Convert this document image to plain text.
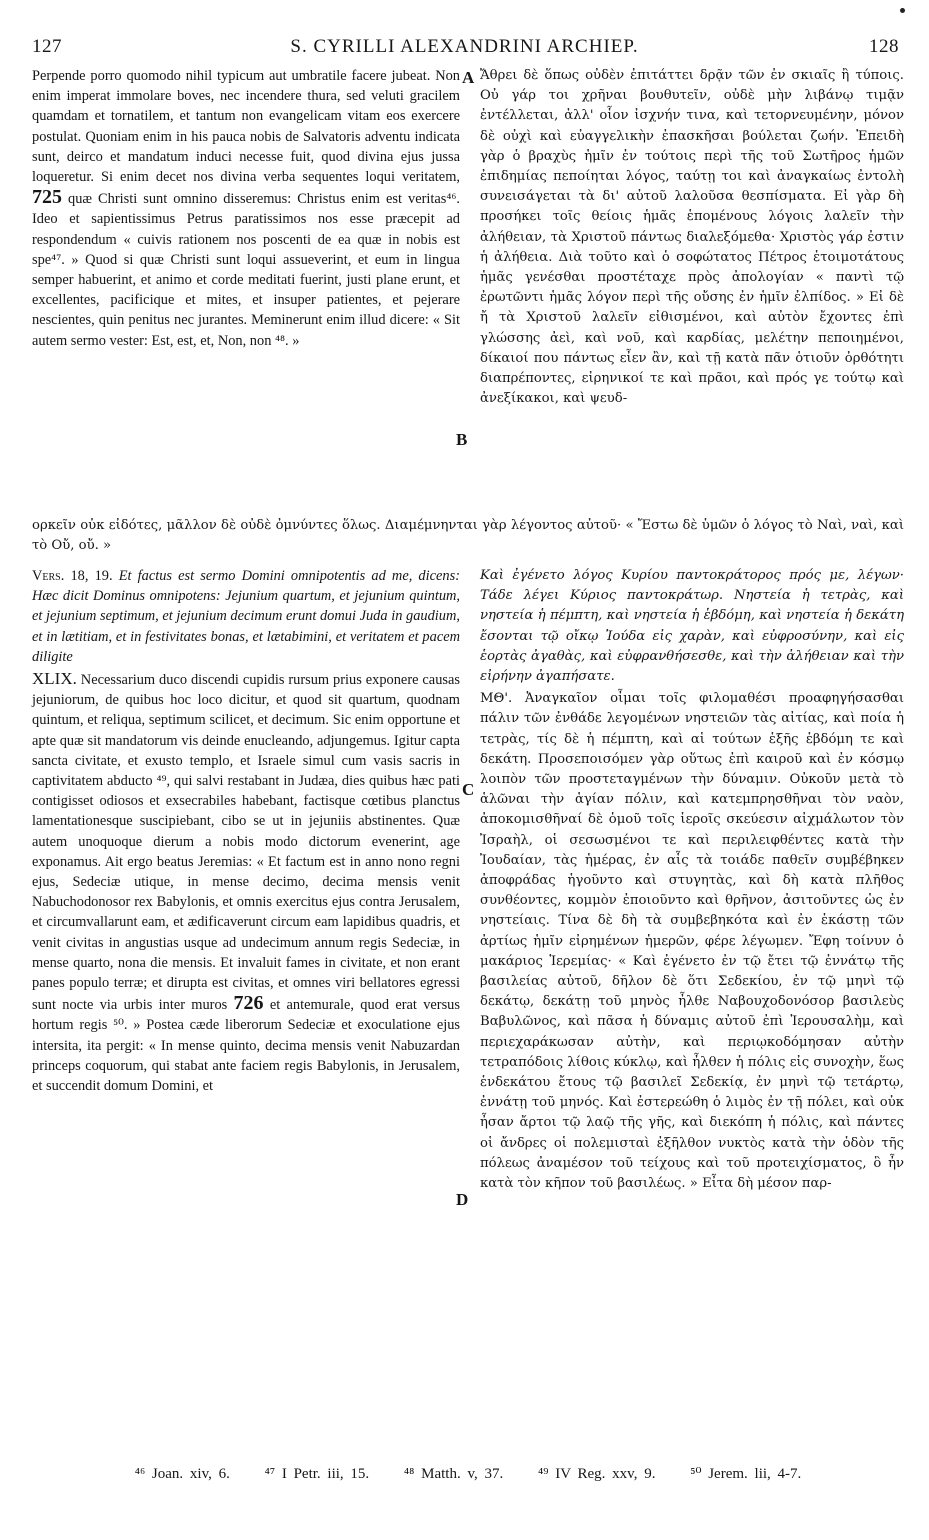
127	S. CYRILLI ALEXANDRINI ARCHIEP.	128

Perpende porro quomodo nihil typicum aut umbratile facere jubeat. Non enim imperat immolare boves, nec incendere thura, sed veluti gracilem quamdam et tornatilem, et tantum non evangelicam vitam eos exercere postulat. Quoniam enim in his pauca nobis de Salvatoris adventu indicata sunt, deirco et mandatum induci necesse fuit, quod divina ejus jussa loqueretur. Si enim decet nos divina verba sequentes loqui veritatem, 725 quæ Christi sunt omnino disseremus: Christus enim est veritas⁴⁶. Ideo et sapientissimus Petrus paratissimos nos esse præcepit ad respondendum « cuivis rationem nos poscenti de ea quæ in nobis est spe⁴⁷. » Quod si quæ Christi sunt loqui assueverint, et eum in lingua semper habuerint, et animo et corde meditati fuerint, justi plane erunt, et excellentes, pacificique et mites, et insuper patientes, et pejerare nescientes, quin penitus nec jurantes. Meminerunt enim illud dicere: « Sit autem sermo vester: Est, est, et, Non, non ⁴⁸. »

Ἄθρει δὲ ὅπως οὐδὲν ἐπιτάττει δρᾷν τῶν ἐν σκιαῖς ἢ τύποις. Οὐ γάρ τοι χρῆναι βουθυτεῖν, οὐδὲ μὴν λιβάνῳ τιμᾷν ἐντέλλεται, ἀλλ' οἷον ἰσχνήν τινα, καὶ τετορνευμένην, μόνον δὲ οὐχὶ καὶ εὐαγγελικὴν ἐπασκῆσαι βούλεται ζωήν. Ἐπειδὴ γὰρ ὁ βραχὺς ἡμῖν ἐν τούτοις περὶ τῆς τοῦ Σωτῆρος ἡμῶν ἐπιδημίας πεποίηται λόγος, ταύτῃ τοι καὶ ἀναγκαίως ἐντολὴ συνεισάγεται τὰ δι' αὐτοῦ λαλοῦσα θεσπίσματα. Εἰ γὰρ δὴ προσήκει τοῖς θείοις ἡμᾶς ἑπομένους λόγοις λαλεῖν τὴν ἀλήθειαν, τὰ Χριστοῦ πάντως διαλεξόμεθα· Χριστὸς γάρ ἐστιν ἡ ἀλήθεια. Διὰ τοῦτο καὶ ὁ σοφώτατος Πέτρος ἑτοιμοτάτους ἡμᾶς γενέσθαι προστέταχε πρὸς ἀπολογίαν « παντὶ τῷ ἐρωτῶντι ἡμᾶς λόγον περὶ τῆς οὔσης ἐν ἡμῖν ἐλπίδος. » Εἰ δὲ ἤ τὰ Χριστοῦ λαλεῖν εἰθισμένοι, καὶ αὐτὸν ἔχοντες ἐπὶ γλώσσης ἀεὶ, καὶ νοῦ, καὶ καρδίας, μελέτην πεποιημένοι, δίκαιοί που πάντως εἶεν ἂν, καὶ τῇ κατὰ πᾶν ὁτιοῦν ὀρθότητι διαπρέποντες, εἰρηνικοί τε καὶ πρᾶοι, καὶ πρός γε τούτῳ καὶ ἀνεξίκακοι, καὶ ψευδ-

A
B
ορκεῖν οὐκ εἰδότες, μᾶλλον δὲ οὐδὲ ὀμνύντες ὅλως. Διαμέμνηνται γὰρ λέγοντος αὐτοῦ· « Ἔστω δὲ ὑμῶν ὁ λόγος τὸ Ναὶ, ναὶ, καὶ τὸ Οὔ, οὔ. »

Vers. 18, 19. Et factus est sermo Domini omnipotentis ad me, dicens: Hæc dicit Dominus omnipotens: Jejunium quartum, et jejunium quintum, et jejunium septimum, et jejunium decimum erunt domui Juda in gaudium, et in lætitiam, et in festivitates bonas, et lætabimini, et veritatem et pacem diligite

XLIX. Necessarium duco discendi cupidis rursum prius exponere causas jejuniorum, de quibus hoc loco dicitur, et quod sit quartum, quodnam quintum, et reliqua, septimum scilicet, et decimum. Sic enim opportune et apte quæ sit mandatorum vis deinde enucleando, adjungemus. Igitur capta sancta civitate, et exusto templo, et Israele simul cum vasis sacris in captivitatem abducto ⁴⁹, qui salvi restabant in Judæa, dies quibus hæc pati contigisset odiosos et exsecrabiles habebant, factisque cœtibus planctus lamentationesque suscipiebant, cibo se ut in jejuniis abstinentes. Quæ autem unoquoque dierum a nobis modo dictorum evenerint, age exponamus. Ait ergo beatus Jeremias: « Et factum est in anno nono regni ejus, Sedeciæ utique, in mense decimo, decima mensis venit Nabuchodonosor rex Babylonis, et omnis exercitus ejus contra Jerusalem, et circumvallarunt eam, et ædificaverunt circum eam lapidibus quadris, et venit civitas in angustias usque ad undecimum annum regis Sedeciæ, in mense quarto, nona die mensis. Et invaluit fames in civitate, et non erant panes populo terræ; et dirupta est civitas, et omnes viri bellatores egressi sunt nocte via urbis inter muros 726 et antemurale, quod erat versus hortum regis ⁵⁰. » Postea cæde liberorum Sedeciæ et exoculatione ejus intersita, ita pergit: « In mense quinto, decima mensis venit Nabuzardan princeps coquorum, qui stabat ante faciem regis Babylonis, in Jerusalem, et succendit domum Domini, et

Καὶ ἐγένετο λόγος Κυρίου παντοκράτορος πρός με, λέγων· Τάδε λέγει Κύριος παντοκράτωρ. Νηστεία ἡ τετρὰς, καὶ νηστεία ἡ πέμπτη, καὶ νηστεία ἡ ἑβδόμη, καὶ νηστεία ἡ δεκάτη ἔσονται τῷ οἴκῳ Ἰούδα εἰς χαρὰν, καὶ εὐφροσύνην, καὶ εἰς ἑορτὰς ἀγαθὰς, καὶ εὐφρανθήσεσθε, καὶ τὴν ἀλήθειαν καὶ τὴν εἰρήνην ἀγαπήσατε.

ΜΘ'. Ἀναγκαῖον οἶμαι τοῖς φιλομαθέσι προαφηγήσασθαι πάλιν τῶν ἐνθάδε λεγομένων νηστειῶν τὰς αἰτίας, καὶ ποία ἡ τετρὰς, τίς δὲ ἡ πέμπτη, καὶ αἱ τούτων ἑξῆς ἑβδόμη τε καὶ δεκάτη. Προσεποισόμεν γὰρ οὕτως ἐπὶ καιροῦ καὶ ἐν κόσμῳ λοιπὸν τῶν προστεταγμένων τὴν δύναμιν. Οὐκοῦν μετὰ τὸ ἁλῶναι τὴν ἁγίαν πόλιν, καὶ κατεμπρησθῆναι τὸν ναὸν, ἀποκομισθῆναί δὲ ὁμοῦ τοῖς ἱεροῖς σκεύεσιν αἰχμάλωτον τὸν Ἰσραὴλ, οἱ σεσωσμένοι τε καὶ περιλειφθέντες κατὰ τὴν Ἰουδαίαν, τὰς ἡμέρας, ἐν αἷς τὰ τοιάδε παθεῖν συμβέβηκεν ἀποφράδας ἡγοῦντο καὶ στυγητὰς, καὶ δὴ κατὰ πλῆθος συνθέοντες, κομμὸν ἐποιοῦντο καὶ θρῆνον, ἀσιτοῦντες ὡς ἐν νηστείαις. Τίνα δὲ δὴ τὰ συμβεβηκότα καὶ ἐν ἑκάστῃ τῶν ἀρτίως ἡμῖν εἰρημένων ἡμερῶν, φέρε λέγωμεν. Ἔφη τοίνυν ὁ μακάριος Ἱερεμίας· « Καὶ ἐγένετο ἐν τῷ ἔτει τῷ ἐννάτῳ τῆς βασιλείας αὐτοῦ, δῆλον δὲ ὅτι Σεδεκίου, ἐν τῷ μηνὶ τῷ δεκάτῳ, δεκάτῃ τοῦ μηνὸς ἦλθε Ναβουχοδονόσορ βασιλεὺς Βαβυλῶνος, καὶ πᾶσα ἡ δύναμις αὐτοῦ ἐπὶ Ἱερουσαλὴμ, καὶ περιεχαράκωσαν αὐτὴν, καὶ περιῳκοδόμησαν αὐτὴν τετραπόδοις λίθοις κύκλῳ, καὶ ἦλθεν ἡ πόλις εἰς συνοχὴν, ἕως ἑνδεκάτου ἔτους τῷ βασιλεῖ Σεδεκίᾳ, ἐν μηνὶ τῷ τετάρτῳ, ἐννάτῃ τοῦ μηνός. Καὶ ἐστερεώθη ὁ λιμὸς ἐν τῇ πόλει, καὶ οὐκ ἦσαν ἄρτοι τῷ λαῷ τῆς γῆς, καὶ διεκόπη ἡ πόλις, καὶ πάντες οἱ ἄνδρες οἱ πολεμισταὶ ἐξῆλθον νυκτὸς κατὰ τὴν ὁδὸν τῆς πόλεως ἀναμέσον τοῦ τείχους καὶ τοῦ προτειχίσματος, ὃ ἦν κατὰ τὸν κῆπον τοῦ βασιλέως. » Εἶτα δὴ μέσον παρ-

C
D
⁴⁶ Joan. xiv, 6. ⁴⁷ I Petr. iii, 15. ⁴⁸ Matth. v, 37. ⁴⁹ IV Reg. xxv, 9. ⁵⁰ Jerem. lii, 4-7.
